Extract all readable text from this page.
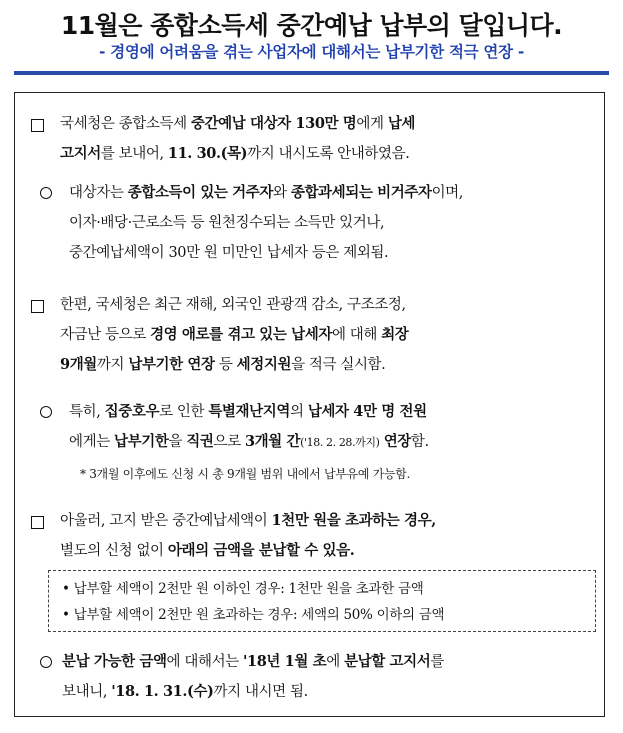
11월은 종합소득세 중간예납 납부의 달입니다.
- 경영에 어려움을 겪는 사업자에 대해서는 납부기한 적극 연장 -
국세청은 종합소득세 중간예납 대상자 130만 명에게 납세
고지서를 보내어, 11. 30.(목)까지 내시도록 안내하였음.
대상자는 종합소득이 있는 거주자와 종합과세되는 비거주자이며,
이자·배당·근로소득 등 원천징수되는 소득만 있거나,
중간예납세액이 30만 원 미만인 납세자 등은 제외됨.
한편, 국세청은 최근 재해, 외국인 관광객 감소, 구조조정,
자금난 등으로 경영 애로를 겪고 있는 납세자에 대해 최장
9개월까지 납부기한 연장 등 세정지원을 적극 실시함.
특히, 집중호우로 인한 특별재난지역의 납세자 4만 명 전원
에게는 납부기한을 직권으로 3개월 간('18. 2. 28.까지) 연장함.
* 3개월 이후에도 신청 시 총 9개월 범위 내에서 납부유예 가능함.
아울러, 고지 받은 중간예납세액이 1천만 원을 초과하는 경우,
별도의 신청 없이 아래의 금액을 분납할 수 있음.
• 납부할 세액이 2천만 원 이하인 경우: 1천만 원을 초과한 금액
• 납부할 세액이 2천만 원 초과하는 경우: 세액의 50% 이하의 금액
분납 가능한 금액에 대해서는 '18년 1월 초에 분납할 고지서를
보내니, '18. 1. 31.(수)까지 내시면 됨.
